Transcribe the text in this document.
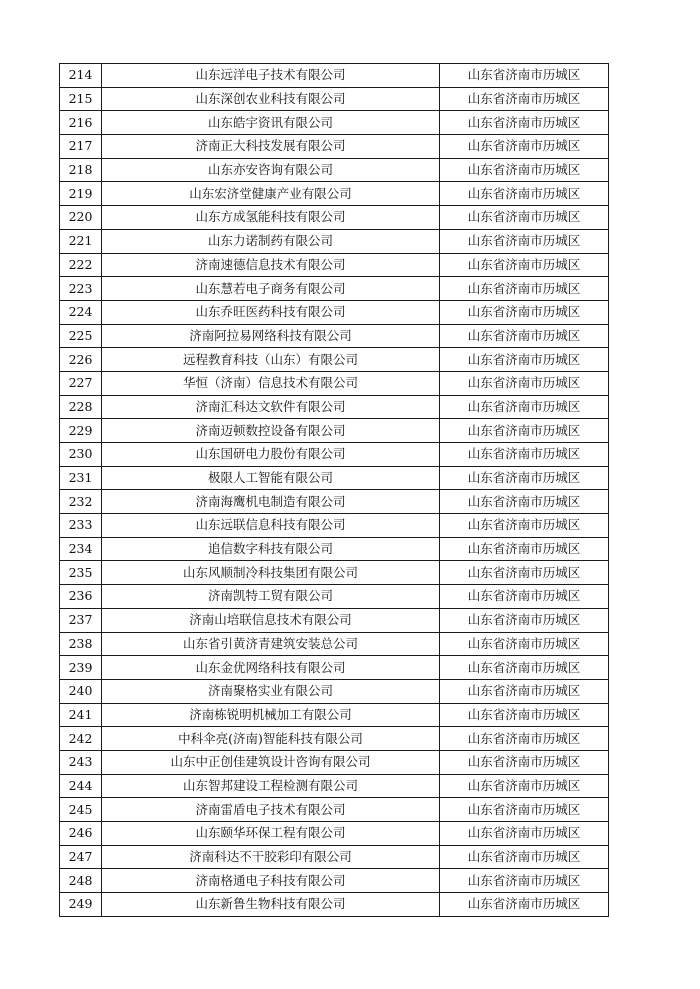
214	山东远洋电子技术有限公司	山东省济南市历城区
215	山东深创农业科技有限公司	山东省济南市历城区
216	山东皓宇资讯有限公司	山东省济南市历城区
217	济南正大科技发展有限公司	山东省济南市历城区
218	山东亦安咨询有限公司	山东省济南市历城区
219	山东宏济堂健康产业有限公司	山东省济南市历城区
220	山东方成氢能科技有限公司	山东省济南市历城区
221	山东力诺制药有限公司	山东省济南市历城区
222	济南速德信息技术有限公司	山东省济南市历城区
223	山东慧若电子商务有限公司	山东省济南市历城区
224	山东乔旺医药科技有限公司	山东省济南市历城区
225	济南阿拉易网络科技有限公司	山东省济南市历城区
226	远程教育科技（山东）有限公司	山东省济南市历城区
227	华恒（济南）信息技术有限公司	山东省济南市历城区
228	济南汇科达文软件有限公司	山东省济南市历城区
229	济南迈顿数控设备有限公司	山东省济南市历城区
230	山东国研电力股份有限公司	山东省济南市历城区
231	极限人工智能有限公司	山东省济南市历城区
232	济南海鹰机电制造有限公司	山东省济南市历城区
233	山东远联信息科技有限公司	山东省济南市历城区
234	追信数字科技有限公司	山东省济南市历城区
235	山东风顺制冷科技集团有限公司	山东省济南市历城区
236	济南凯特工贸有限公司	山东省济南市历城区
237	济南山培联信息技术有限公司	山东省济南市历城区
238	山东省引黄济青建筑安装总公司	山东省济南市历城区
239	山东金优网络科技有限公司	山东省济南市历城区
240	济南聚格实业有限公司	山东省济南市历城区
241	济南栋锐明机械加工有限公司	山东省济南市历城区
242	中科伞亮(济南)智能科技有限公司	山东省济南市历城区
243	山东中正创佳建筑设计咨询有限公司	山东省济南市历城区
244	山东智邦建设工程检测有限公司	山东省济南市历城区
245	济南雷盾电子技术有限公司	山东省济南市历城区
246	山东颐华环保工程有限公司	山东省济南市历城区
247	济南科达不干胶彩印有限公司	山东省济南市历城区
248	济南格通电子科技有限公司	山东省济南市历城区
249	山东新鲁生物科技有限公司	山东省济南市历城区
